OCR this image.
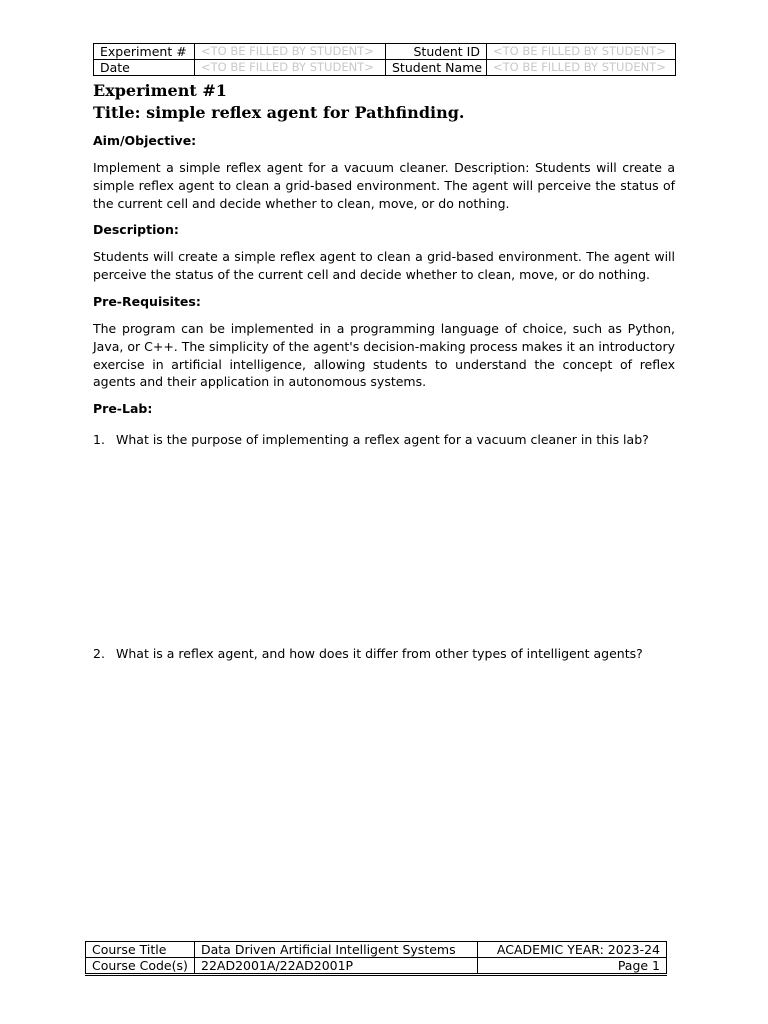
Experiment #	<TO BE FILLED BY STUDENT>	Student ID	<TO BE FILLED BY STUDENT>
Date	<TO BE FILLED BY STUDENT>	Student Name	<TO BE FILLED BY STUDENT>

Experiment #1

Title: simple reflex agent for Pathfinding.

Aim/Objective:

Implement a simple reflex agent for a vacuum cleaner. Description: Students will create a simple reflex agent to clean a grid-based environment. The agent will perceive the status of the current cell and decide whether to clean, move, or do nothing.

Description:

Students will create a simple reflex agent to clean a grid-based environment. The agent will perceive the status of the current cell and decide whether to clean, move, or do nothing.

Pre-Requisites:

The program can be implemented in a programming language of choice, such as Python, Java, or C++. The simplicity of the agent's decision-making process makes it an introductory exercise in artificial intelligence, allowing students to understand the concept of reflex agents and their application in autonomous systems.

Pre-Lab:

1. What is the purpose of implementing a reflex agent for a vacuum cleaner in this lab?
2. What is a reflex agent, and how does it differ from other types of intelligent agents?
Course Title	Data Driven Artificial Intelligent Systems	ACADEMIC YEAR: 2023-24
Course Code(s)	22AD2001A/22AD2001P	Page 1
